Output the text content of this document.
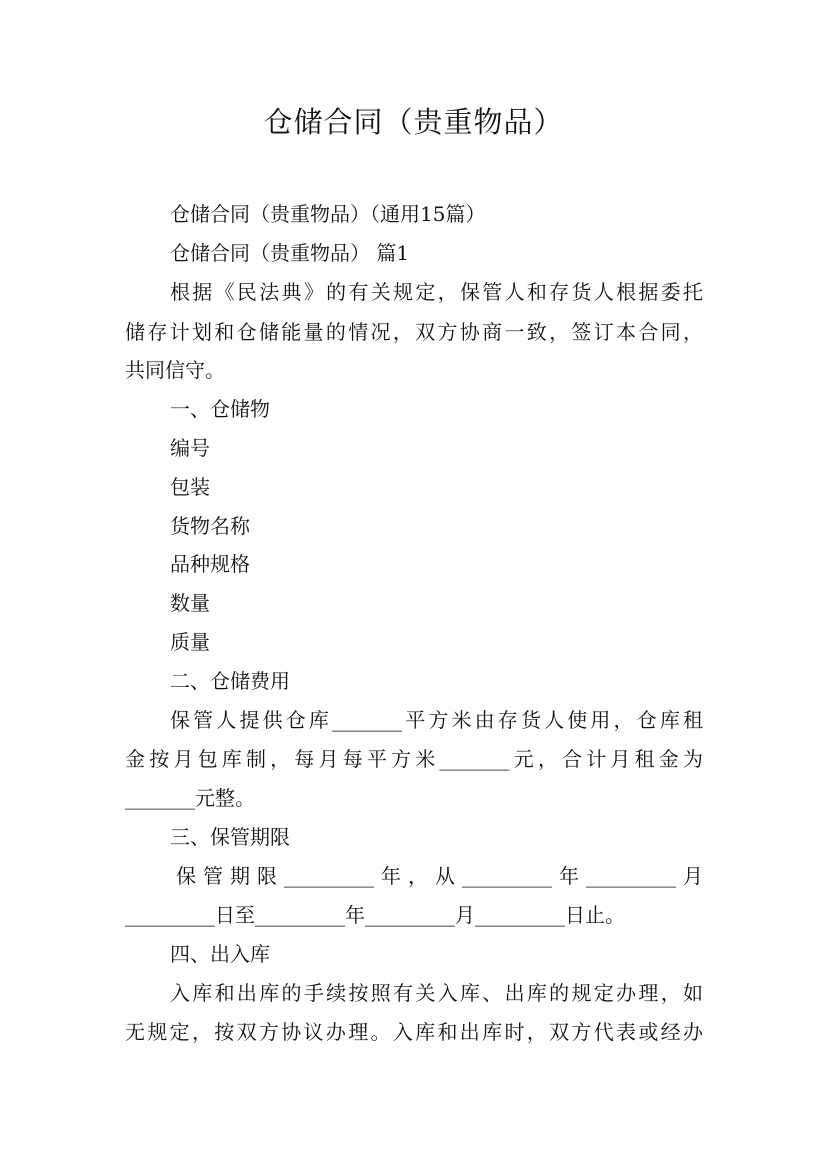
仓储合同（贵重物品）
仓储合同（贵重物品）（通用15篇）
仓储合同（贵重物品） 篇1
根据《民法典》的有关规定，保管人和存货人根据委托
储存计划和仓储能量的情况，双方协商一致，签订本合同，
共同信守。
一、仓储物
编号
包装
货物名称
品种规格
数量
质量
二、仓储费用
保管人提供仓库_______平方米由存货人使用，仓库租
金按月包库制，每月每平方米_______元，合计月租金为
_______元整。
三、保管期限
保管期限_________年，从_________年_________月
_________日至_________年_________月_________日止。
四、出入库
入库和出库的手续按照有关入库、出库的规定办理，如
无规定，按双方协议办理。入库和出库时，双方代表或经办
